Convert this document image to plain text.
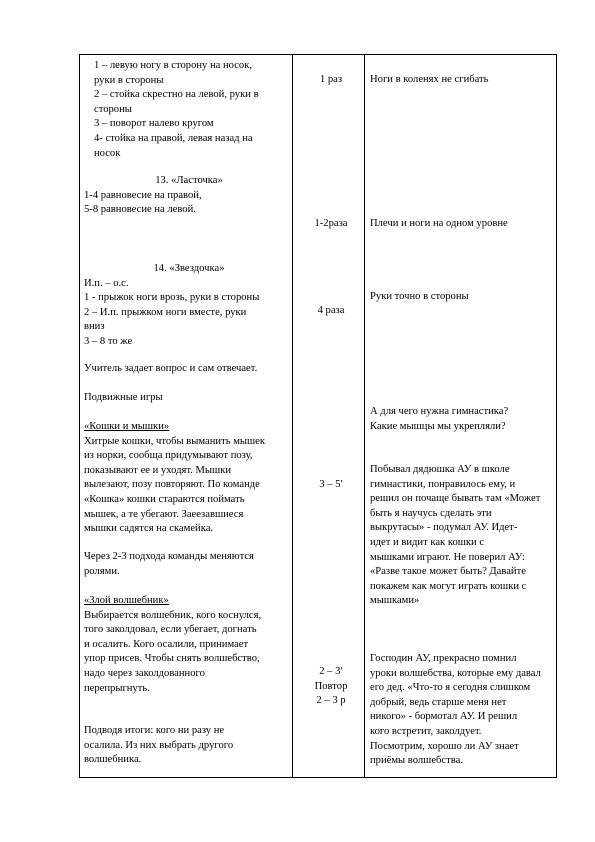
1 – левую ногу в сторону на носок,

руки в стороны

2 – стойка скрестно на левой, руки в

стороны

3 – поворот налево кругом

4- стойка на правой, левая назад на

носок

1 раз	Ноги в коленях не сгибать

13. «Ласточка»

1-4 равновесие на правой,

5-8 равновесие на левой.

1-2раза	Плечи и ноги на одном уровне

14. «Звездочка»

И.п. – о.с.

1 - прыжок ноги врозь, руки в стороны

2 – И.п. прыжком ноги вместе, руки

вниз

3 – 8 то же

4 раза
Руки точно в стороны
Учитель задает вопрос и сам отвечает.
Подвижные игры

«Кошки и мышки»

Хитрые кошки, чтобы выманить мышек

из норки, сообща придумывают позу,

показывают ее и уходят. Мышки

вылезают, позу повторяют. По команде

«Кошка» кошки стараются поймать

мышек, а те убегают. Заеезавшиеся

мышки садятся на скамейка.

Через 2-3 подхода команды меняются

ролями.

3 – 5′

А для чего нужна гимнастика?

Какие мышцы мы укрепляли?

Побывал дядюшка АУ в школе

гимнастики, понравилось ему, и

решил он почаще бывать там «Может

быть я научусь сделать эти

выкрутасы» - подумал АУ. Идет-

идет и видит как кошки с

мышками играют. Не поверил АУ:

«Разве такое может быть? Давайте

покажем как могут играть кошки с

мышками»

«Злой волшебник»

Выбирается волшебник, кого коснулся,

того заколдовал, если убегает, догнать

и осалить. Кого осалили, принимает

упор присев. Чтобы снять волшебство,

надо через заколдованного

перепрыгнуть.

2 – 3′

Повтор

2 – 3 р

Господин АУ, прекрасно помнил

уроки волшебства, которые ему давал

его дед. «Что-то я сегодня слишком

добрый, ведь старше меня нет

никого» - бормотал АУ. И решил

кого встретит, заколдует.

Посмотрим, хорошо ли АУ знает

приёмы волшебства.

Подводя итоги: кого ни разу не

осалила. Из них выбрать другого

волшебника.
